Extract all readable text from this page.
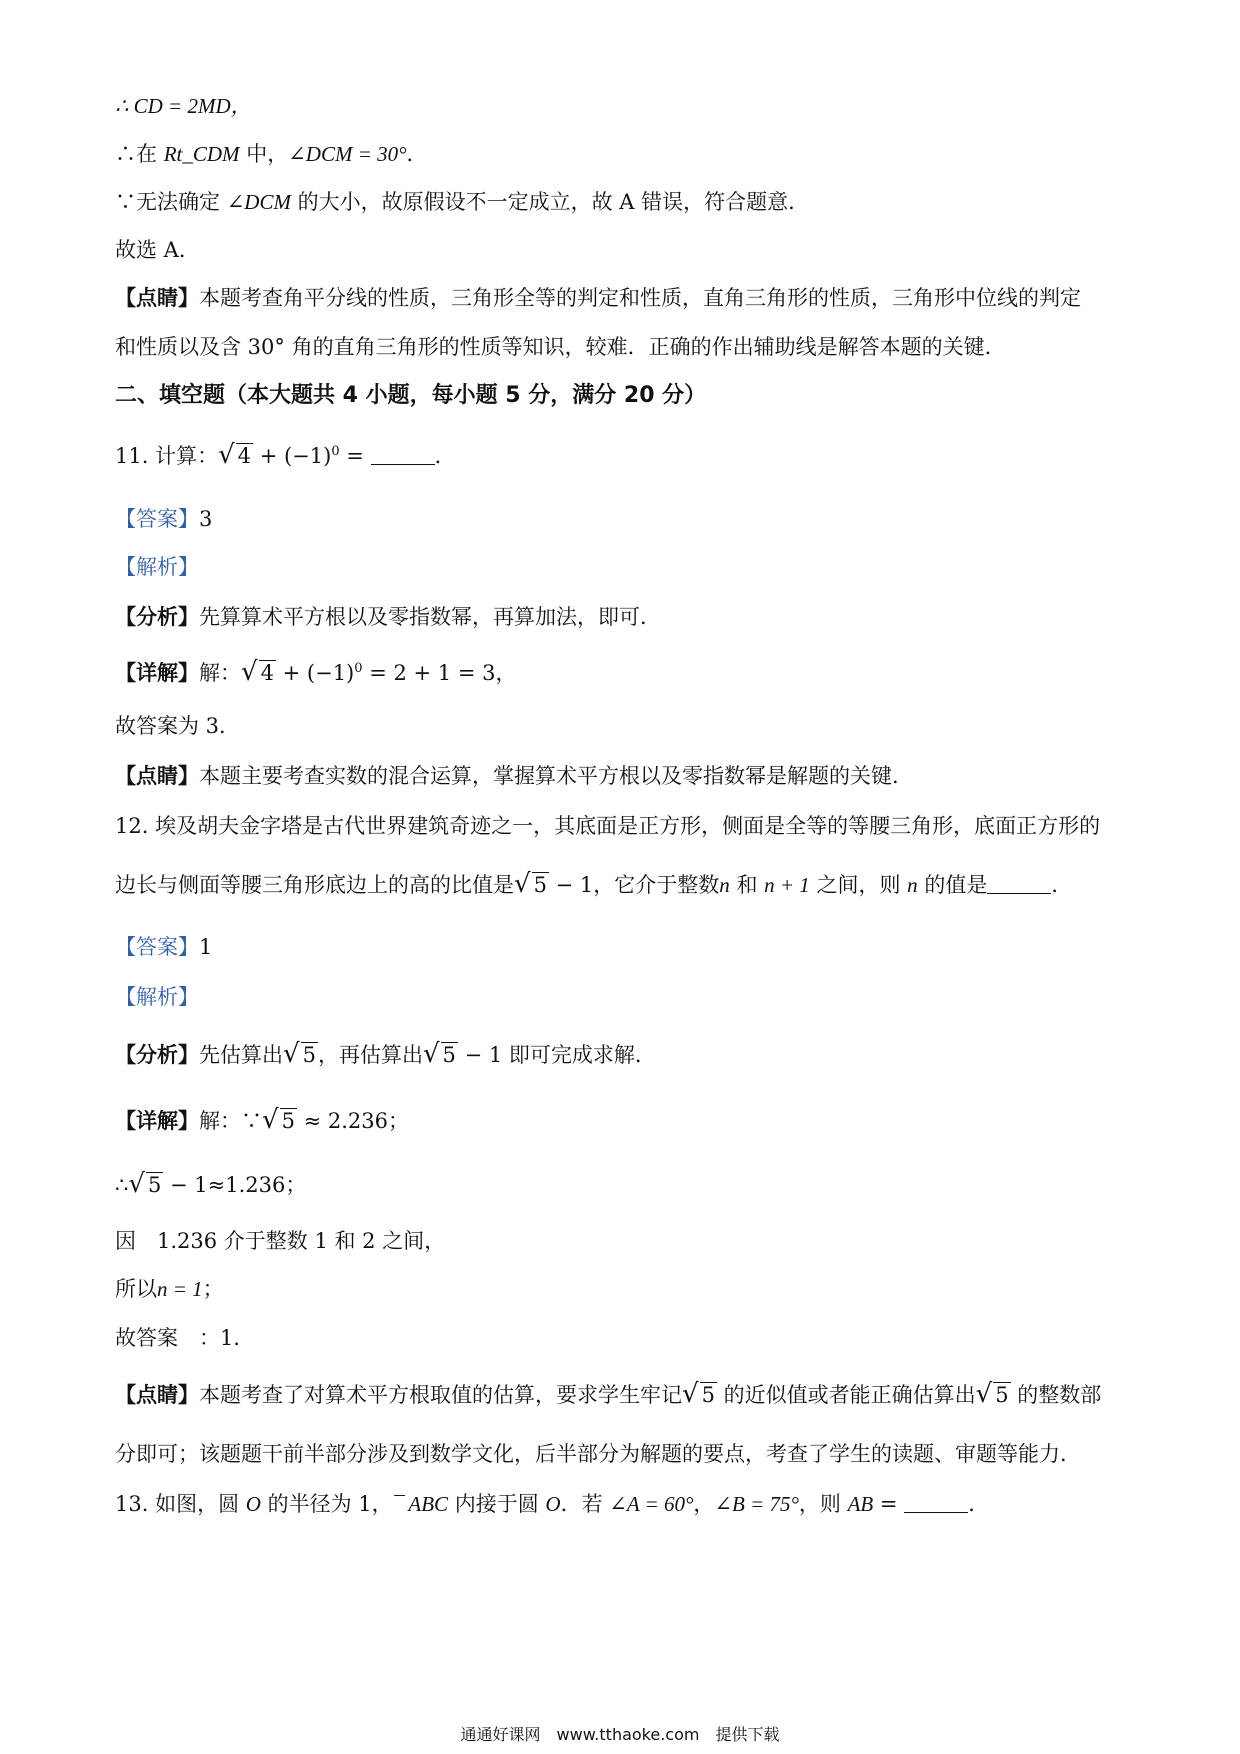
∴ CD = 2MD，
∴在 Rt_CDM 中，∠DCM = 30°．
∵无法确定 ∠DCM 的大小，故原假设不一定成立，故 A 错误，符合题意．
故选 A．
【点睛】本题考查角平分线的性质，三角形全等的判定和性质，直角三角形的性质，三角形中位线的判定
和性质以及含 30° 角的直角三角形的性质等知识，较难．正确的作出辅助线是解答本题的关键．
二、填空题（本大题共 4 小题，每小题 5 分，满分 20 分）
11. 计算：√ $4 + (-1)^0$ =	．
【答案】3
【解析】
【分析】先算算术平方根以及零指数幂，再算加法，即可．
【详解】解：√ $4 + (-1)^0 = 2 + 1 = 3$，
故答案为 3．
【点睛】本题主要考查实数的混合运算，掌握算术平方根以及零指数幂是解题的关键．
12. 埃及胡夫金字塔是古代世界建筑奇迹之一，其底面是正方形，侧面是全等的等腰三角形，底面正方形的
边长与侧面等腰三角形底边上的高的比值是√ 5 − 1，它介于整数n 和 n + 1 之间，则 n 的值是	．
【答案】1
【解析】
【分析】先估算出√ 5，再估算出√ 5 − 1 即可完成求解．
【详解】解：∵√ 5 ≈ 2.236；
∴√ 5 − 1≈1.236；
因　1.236 介于整数 1 和 2 之间，
所以n = 1；
故答案　：1．
【点睛】本题考查了对算术平方根取值的估算，要求学生牢记√ 5 的近似值或者能正确估算出√ 5 的整数部
分即可；该题题干前半部分涉及到数学文化，后半部分为解题的要点，考查了学生的读题、审题等能力．
13. 如图，圆 O 的半径为 1，¯ ABC 内接于圆 O．若 ∠A = 60°，∠B = 75°，则 AB =	．
通通好课网　www.tthaoke.com　提供下载
